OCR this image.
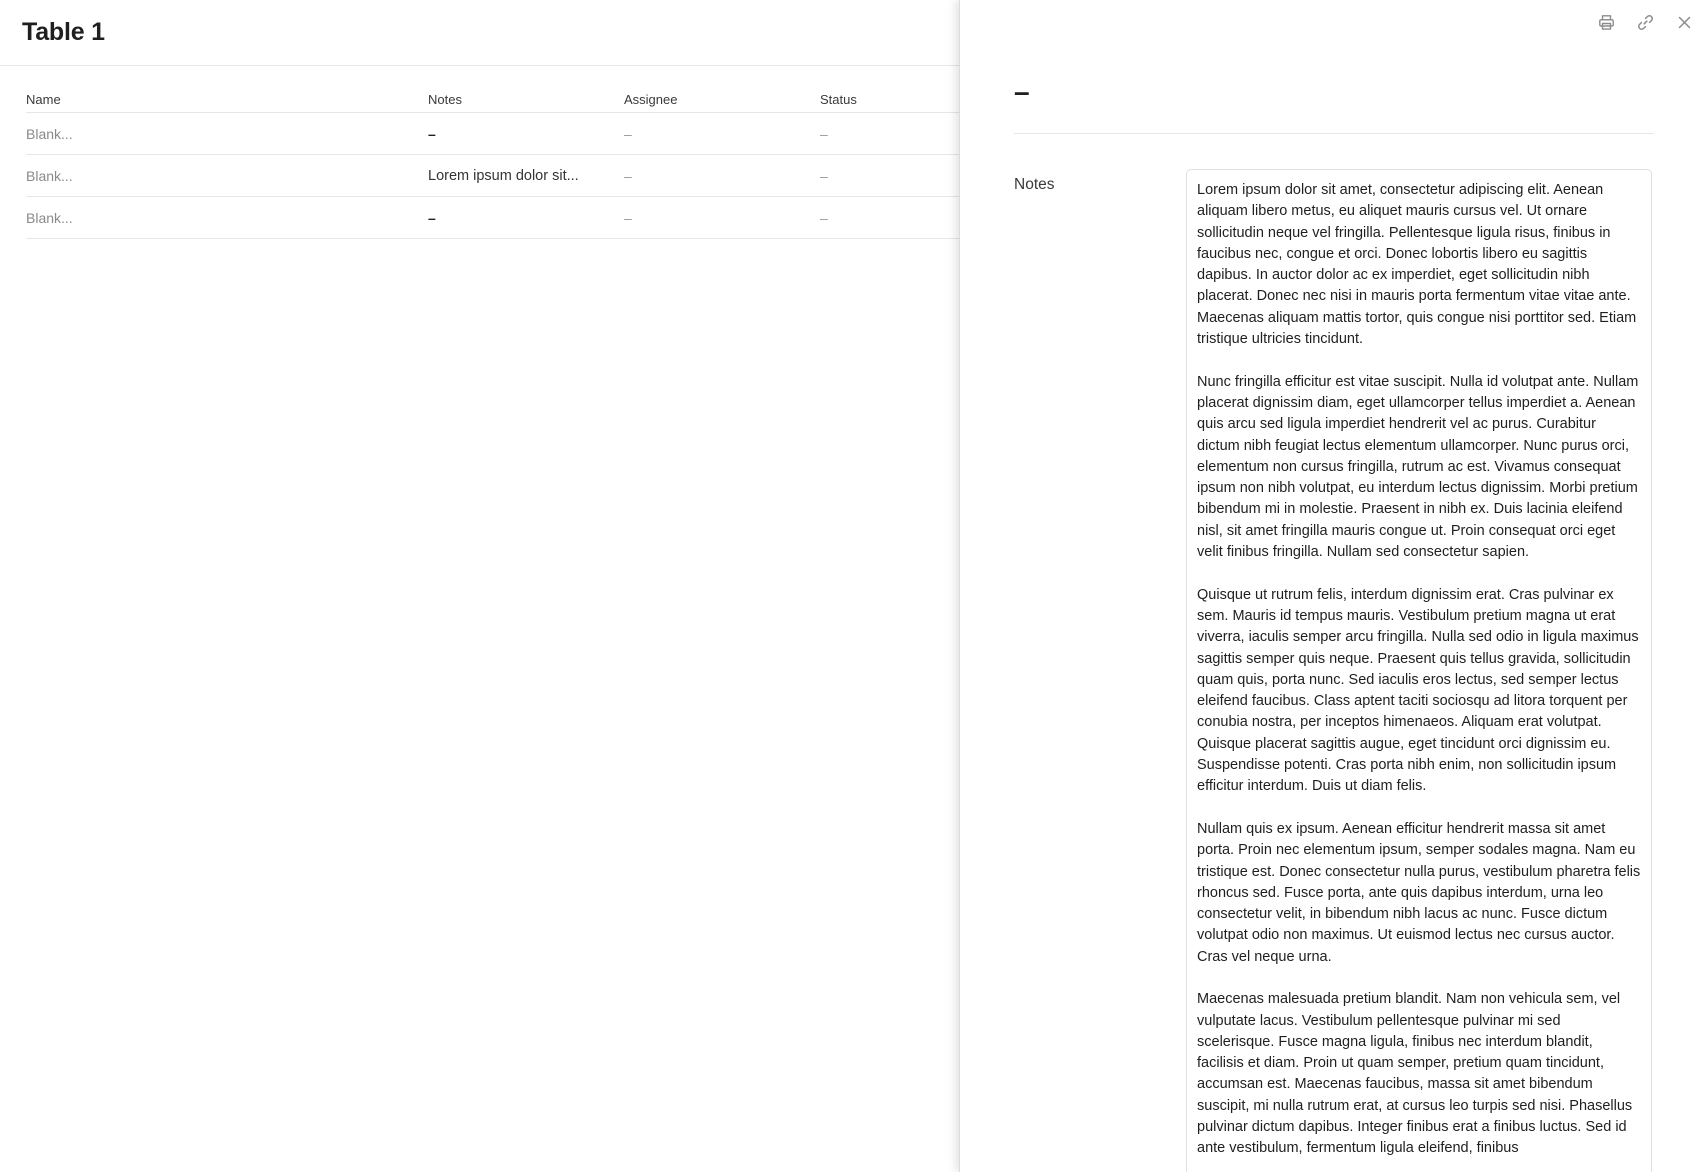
Table 1
Name	Notes	Assignee	Status
Blank...	–	–	–
Blank...	Lorem ipsum dolor sit...	–	–
Blank...	–	–	–
–
Notes	Lorem ipsum dolor sit amet, consectetur adipiscing elit. Aenean aliquam libero metus, eu aliquet mauris cursus vel. Ut ornare sollicitudin neque vel fringilla. Pellentesque ligula risus, finibus in faucibus nec, congue et orci. Donec lobortis libero eu sagittis dapibus. In auctor dolor ac ex imperdiet, eget sollicitudin nibh placerat. Donec nec nisi in mauris porta fermentum vitae vitae ante. Maecenas aliquam mattis tortor, quis congue nisi porttitor sed. Etiam tristique ultricies tincidunt.

Nunc fringilla efficitur est vitae suscipit. Nulla id volutpat ante. Nullam placerat dignissim diam, eget ullamcorper tellus imperdiet a. Aenean quis arcu sed ligula imperdiet hendrerit vel ac purus. Curabitur dictum nibh feugiat lectus elementum ullamcorper. Nunc purus orci, elementum non cursus fringilla, rutrum ac est. Vivamus consequat ipsum non nibh volutpat, eu interdum lectus dignissim. Morbi pretium bibendum mi in molestie. Praesent in nibh ex. Duis lacinia eleifend nisl, sit amet fringilla mauris congue ut. Proin consequat orci eget velit finibus fringilla. Nullam sed consectetur sapien.

Quisque ut rutrum felis, interdum dignissim erat. Cras pulvinar ex sem. Mauris id tempus mauris. Vestibulum pretium magna ut erat viverra, iaculis semper arcu fringilla. Nulla sed odio in ligula maximus sagittis semper quis neque. Praesent quis tellus gravida, sollicitudin quam quis, porta nunc. Sed iaculis eros lectus, sed semper lectus eleifend faucibus. Class aptent taciti sociosqu ad litora torquent per conubia nostra, per inceptos himenaeos. Aliquam erat volutpat. Quisque placerat sagittis augue, eget tincidunt orci dignissim eu. Suspendisse potenti. Cras porta nibh enim, non sollicitudin ipsum efficitur interdum. Duis ut diam felis.

Nullam quis ex ipsum. Aenean efficitur hendrerit massa sit amet porta. Proin nec elementum ipsum, semper sodales magna. Nam eu tristique est. Donec consectetur nulla purus, vestibulum pharetra felis rhoncus sed. Fusce porta, ante quis dapibus interdum, urna leo consectetur velit, in bibendum nibh lacus ac nunc. Fusce dictum volutpat odio non maximus. Ut euismod lectus nec cursus auctor. Cras vel neque urna.

Maecenas malesuada pretium blandit. Nam non vehicula sem, vel vulputate lacus. Vestibulum pellentesque pulvinar mi sed scelerisque. Fusce magna ligula, finibus nec interdum blandit, facilisis et diam. Proin ut quam semper, pretium quam tincidunt, accumsan est. Maecenas faucibus, massa sit amet bibendum suscipit, mi nulla rutrum erat, at cursus leo turpis sed nisi. Phasellus pulvinar dictum dapibus. Integer finibus erat a finibus luctus. Sed id ante vestibulum, fermentum ligula eleifend, finibus
